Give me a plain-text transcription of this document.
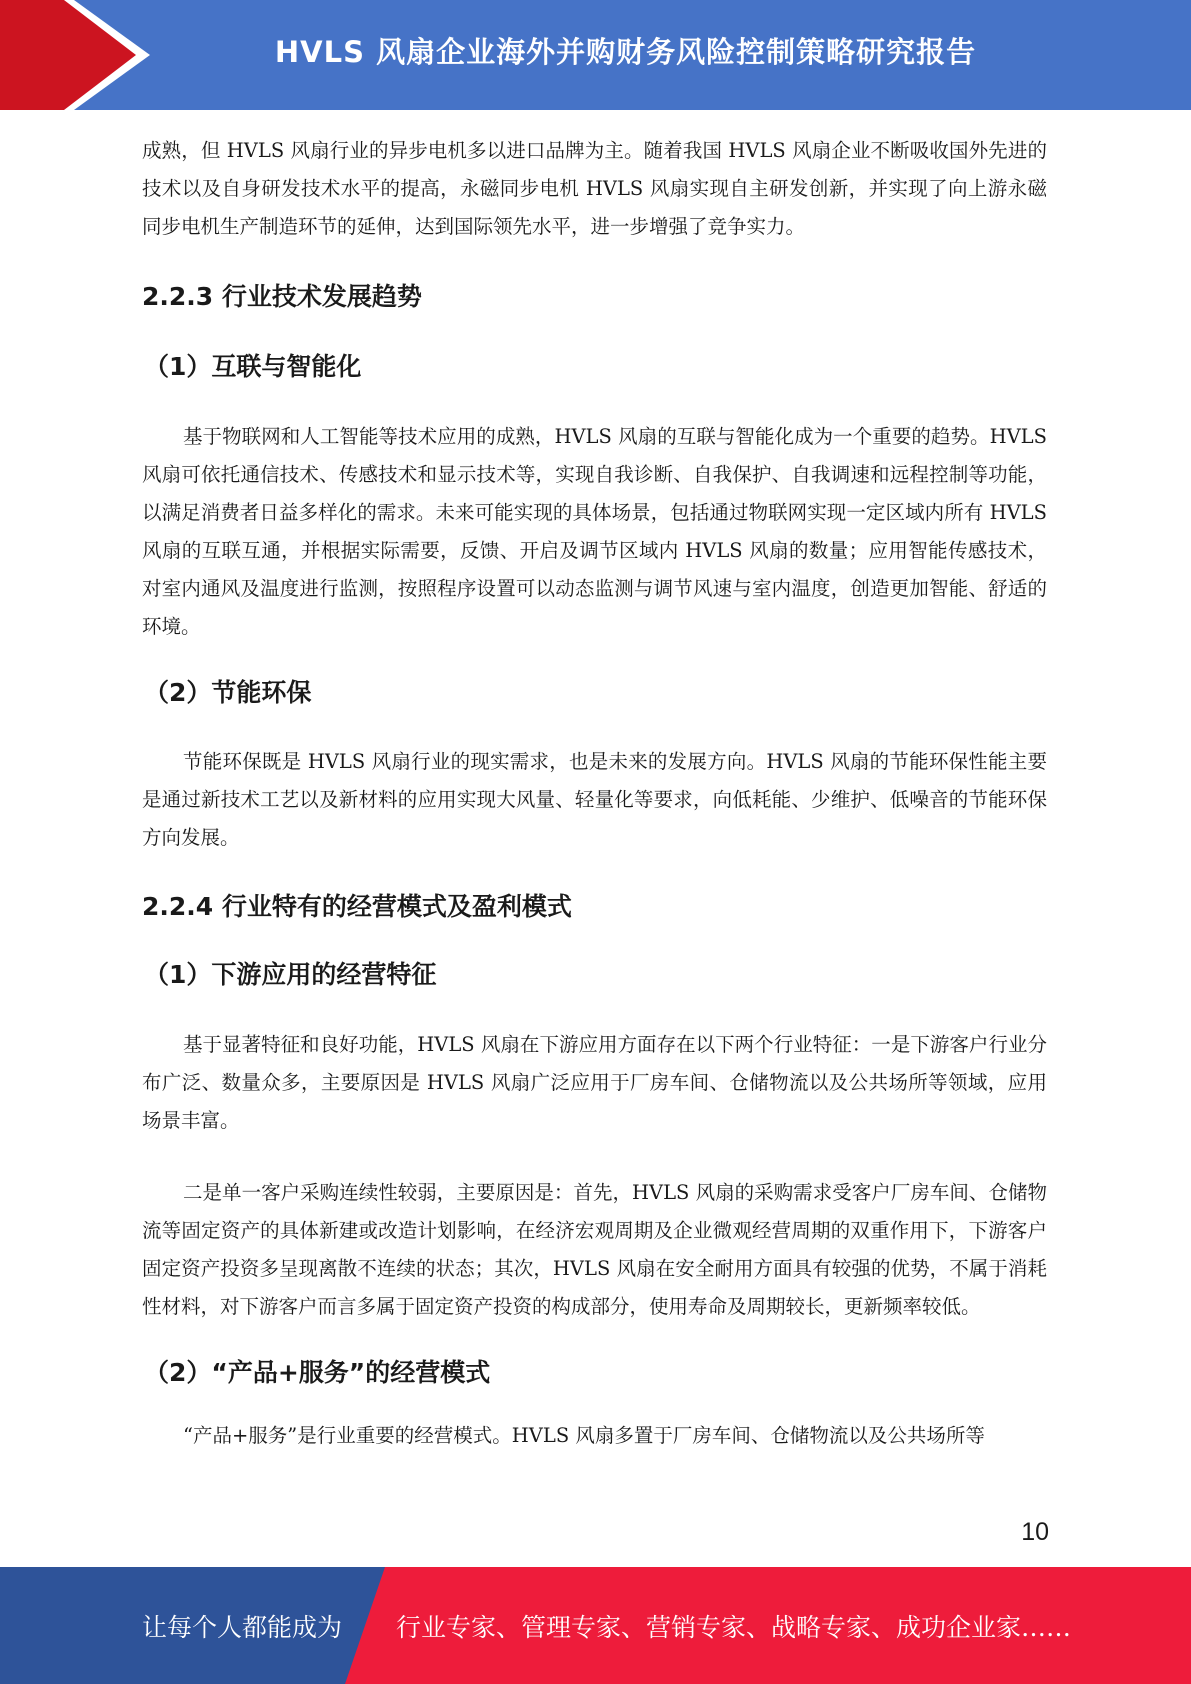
HVLS 风扇企业海外并购财务风险控制策略研究报告

成熟，但 HVLS 风扇行业的异步电机多以进口品牌为主。随着我国 HVLS 风扇企业不断吸收国外先进的技术以及自身研发技术水平的提高，永磁同步电机 HVLS 风扇实现自主研发创新，并实现了向上游永磁同步电机生产制造环节的延伸，达到国际领先水平，进一步增强了竞争实力。

2.2.3 行业技术发展趋势
（1）互联与智能化

基于物联网和人工智能等技术应用的成熟，HVLS 风扇的互联与智能化成为一个重要的趋势。HVLS 风扇可依托通信技术、传感技术和显示技术等，实现自我诊断、自我保护、自我调速和远程控制等功能，以满足消费者日益多样化的需求。未来可能实现的具体场景，包括通过物联网实现一定区域内所有 HVLS 风扇的互联互通，并根据实际需要，反馈、开启及调节区域内 HVLS 风扇的数量；应用智能传感技术，对室内通风及温度进行监测，按照程序设置可以动态监测与调节风速与室内温度，创造更加智能、舒适的环境。

（2）节能环保

节能环保既是 HVLS 风扇行业的现实需求，也是未来的发展方向。HVLS 风扇的节能环保性能主要是通过新技术工艺以及新材料的应用实现大风量、轻量化等要求，向低耗能、少维护、低噪音的节能环保方向发展。

2.2.4 行业特有的经营模式及盈利模式
（1）下游应用的经营特征

基于显著特征和良好功能，HVLS 风扇在下游应用方面存在以下两个行业特征：一是下游客户行业分布广泛、数量众多，主要原因是 HVLS 风扇广泛应用于厂房车间、仓储物流以及公共场所等领域，应用场景丰富。

二是单一客户采购连续性较弱，主要原因是：首先，HVLS 风扇的采购需求受客户厂房车间、仓储物流等固定资产的具体新建或改造计划影响，在经济宏观周期及企业微观经营周期的双重作用下，下游客户固定资产投资多呈现离散不连续的状态；其次，HVLS 风扇在安全耐用方面具有较强的优势，不属于消耗性材料，对下游客户而言多属于固定资产投资的构成部分，使用寿命及周期较长，更新频率较低。

（2）“产品+服务”的经营模式

“产品+服务”是行业重要的经营模式。HVLS 风扇多置于厂房车间、仓储物流以及公共场所等

10
让每个人都能成为 行业专家、管理专家、营销专家、战略专家、成功企业家……
